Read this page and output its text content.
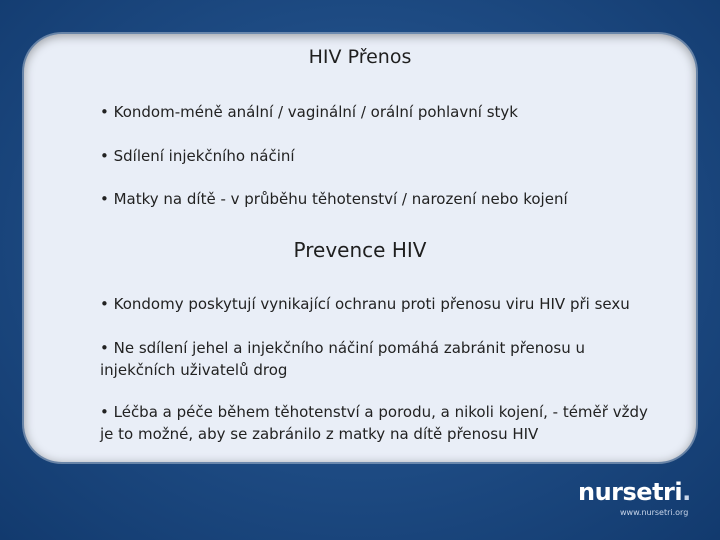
HIV Přenos
• Kondom-méně anální / vaginální / orální pohlavní styk
• Sdílení injekčního náčiní
• Matky na dítě - v průběhu těhotenství / narození nebo kojení
Prevence HIV
• Kondomy poskytují vynikající ochranu proti přenosu viru HIV při sexu
• Ne sdílení jehel a injekčního náčiní pomáhá zabránit přenosu u injekčních uživatelů drog
• Léčba a péče během těhotenství a porodu, a nikoli kojení, - téměř vždy je to možné, aby se zabránilo z matky na dítě přenosu HIV
nursetri.
www.nursetri.org
